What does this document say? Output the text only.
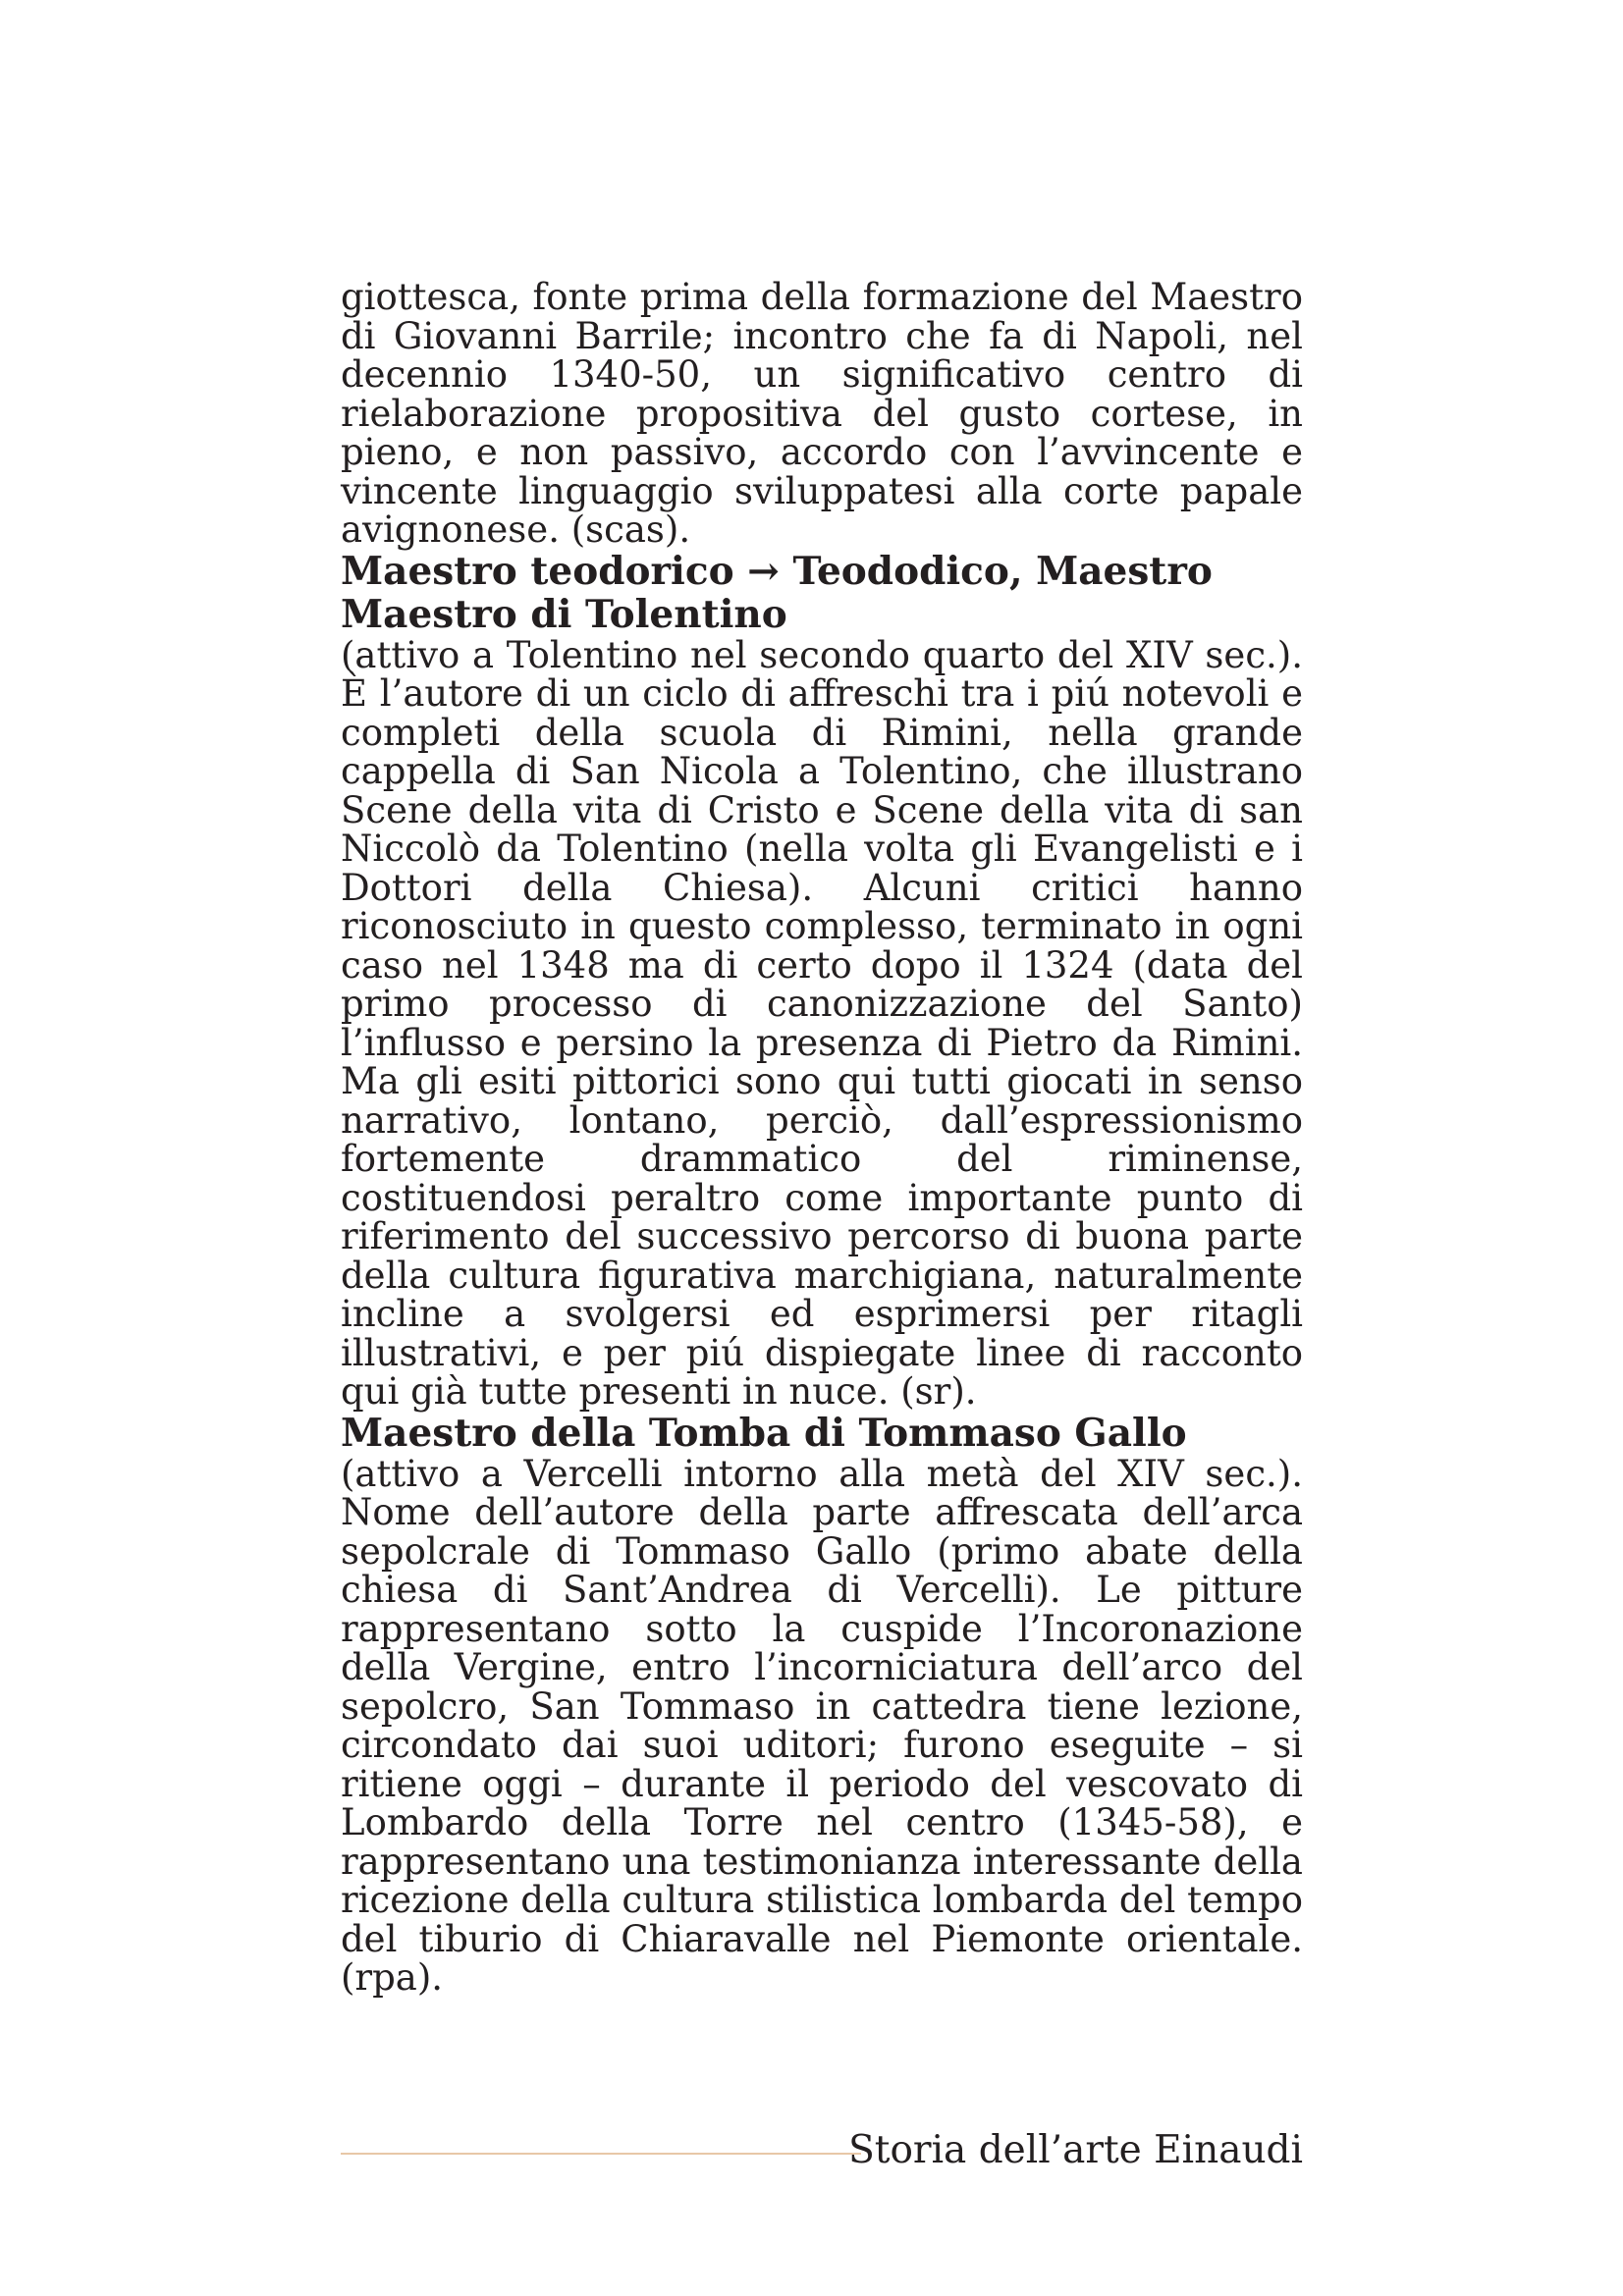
giottesca, fonte prima della formazione del Maestro di Giovanni Barrile; incontro che fa di Napoli, nel decennio 1340-50, un significativo centro di rielaborazione propositiva del gusto cortese, in pieno, e non passivo, accordo con l’avvincente e vincente linguaggio sviluppatesi alla corte papale avignonese. (scas).

Maestro teodorico → Teododico, Maestro

Maestro di Tolentino

(attivo a Tolentino nel secondo quarto del XIV sec.). È l’autore di un ciclo di affreschi tra i piú notevoli e completi della scuola di Rimini, nella grande cappella di San Nicola a Tolentino, che illustrano Scene della vita di Cristo e Scene della vita di san Niccolò da Tolentino (nella volta gli Evangelisti e i Dottori della Chiesa). Alcuni critici hanno riconosciuto in questo complesso, terminato in ogni caso nel 1348 ma di certo dopo il 1324 (data del primo processo di canonizzazione del Santo) l’influsso e persino la presenza di Pietro da Rimini. Ma gli esiti pittorici sono qui tutti giocati in senso narrativo, lontano, perciò, dall’espressionismo fortemente drammatico del riminense, costituendosi peraltro come importante punto di riferimento del successivo percorso di buona parte della cultura figurativa marchigiana, naturalmente incline a svolgersi ed esprimersi per ritagli illustrativi, e per piú dispiegate linee di racconto qui già tutte presenti in nuce. (sr).

Maestro della Tomba di Tommaso Gallo

(attivo a Vercelli intorno alla metà del XIV sec.). Nome dell’autore della parte affrescata dell’arca sepolcrale di Tommaso Gallo (primo abate della chiesa di Sant’Andrea di Vercelli). Le pitture rappresentano sotto la cuspide l’Incoronazione della Vergine, entro l’incorniciatura dell’arco del sepolcro, San Tommaso in cattedra tiene lezione, circondato dai suoi uditori; furono eseguite – si ritiene oggi – durante il periodo del vescovato di Lombardo della Torre nel centro (1345-58), e rappresentano una testimonianza interessante della ricezione della cultura stilistica lombarda del tempo del tiburio di Chiaravalle nel Piemonte orientale. (rpa).

Storia dell’arte Einaudi
